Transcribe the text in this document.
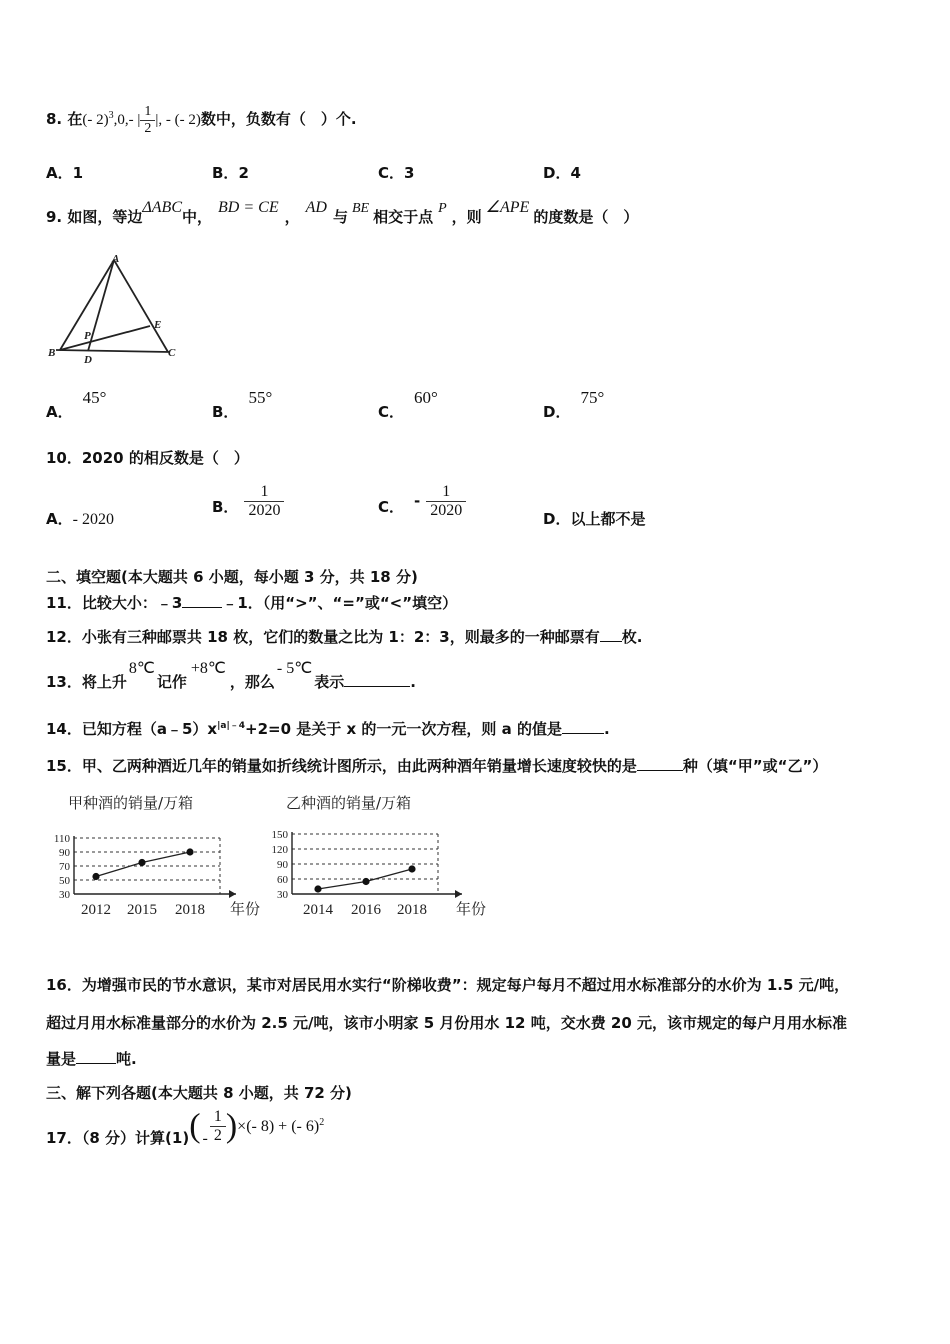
8. 在(‑ 2)$^3$,0,‑ | $\frac{1}{2}$ |, ‑ (‑ 2)数中，负数有（　）个.
A．1	B．2	C．3	D．4
9. 如图，等边ΔABC中，BD = CE，AD与 BE 相交于点 P ，则∠APE的度数是（　）
A
B	C
D
E
P
A．45°
B．55°
C．60°
D．75°
10．2020 的相反数是（　）
A．‑ 2020
B． $\frac{1}{2020}$	C． ‑ $\frac{1}{2020}$	D．以上都不是
二、填空题(本大题共 6 小题，每小题 3 分，共 18 分)
11．比较大小：﹣3	﹣1．（用“>”、“=”或“<”填空）
12．小张有三种邮票共 18 枚，它们的数量之比为 1：2：3，则最多的一种邮票有 枚.
13．将上升8℃记作+8℃，那么‑ 5℃表示	.
14．已知方程$(a﹣5)x^{|a|﹣4}+2=0$ 是关于 x 的一元一次方程，则 a 的值是	.
15．甲、乙两种酒近几年的销量如折线统计图所示，由此两种酒年销量增长速度较快的是	种（填“甲”或“乙”）
甲种酒的销量/万箱
30
50
70
90
110
2012 2015 2018 年份
乙种酒的销量/万箱
30
60
90
120
150
2014 2016 2018 年份
16．为增强市民的节水意识，某市对居民用水实行“阶梯收费”：规定每户每月不超过用水标准部分的水价为 1.5 元/吨，
超过月用水标准量部分的水价为 2.5 元/吨，该市小明家 5 月份用水 12 吨，交水费 20 元，该市规定的每户月用水标准
量是	吨.
三、解下列各题(本大题共 8 小题，共 72 分)
17．（8 分）计算(1)( ‑ $\frac{1}{2}$ )×(‑ 8) + (‑ 6)$^2$
